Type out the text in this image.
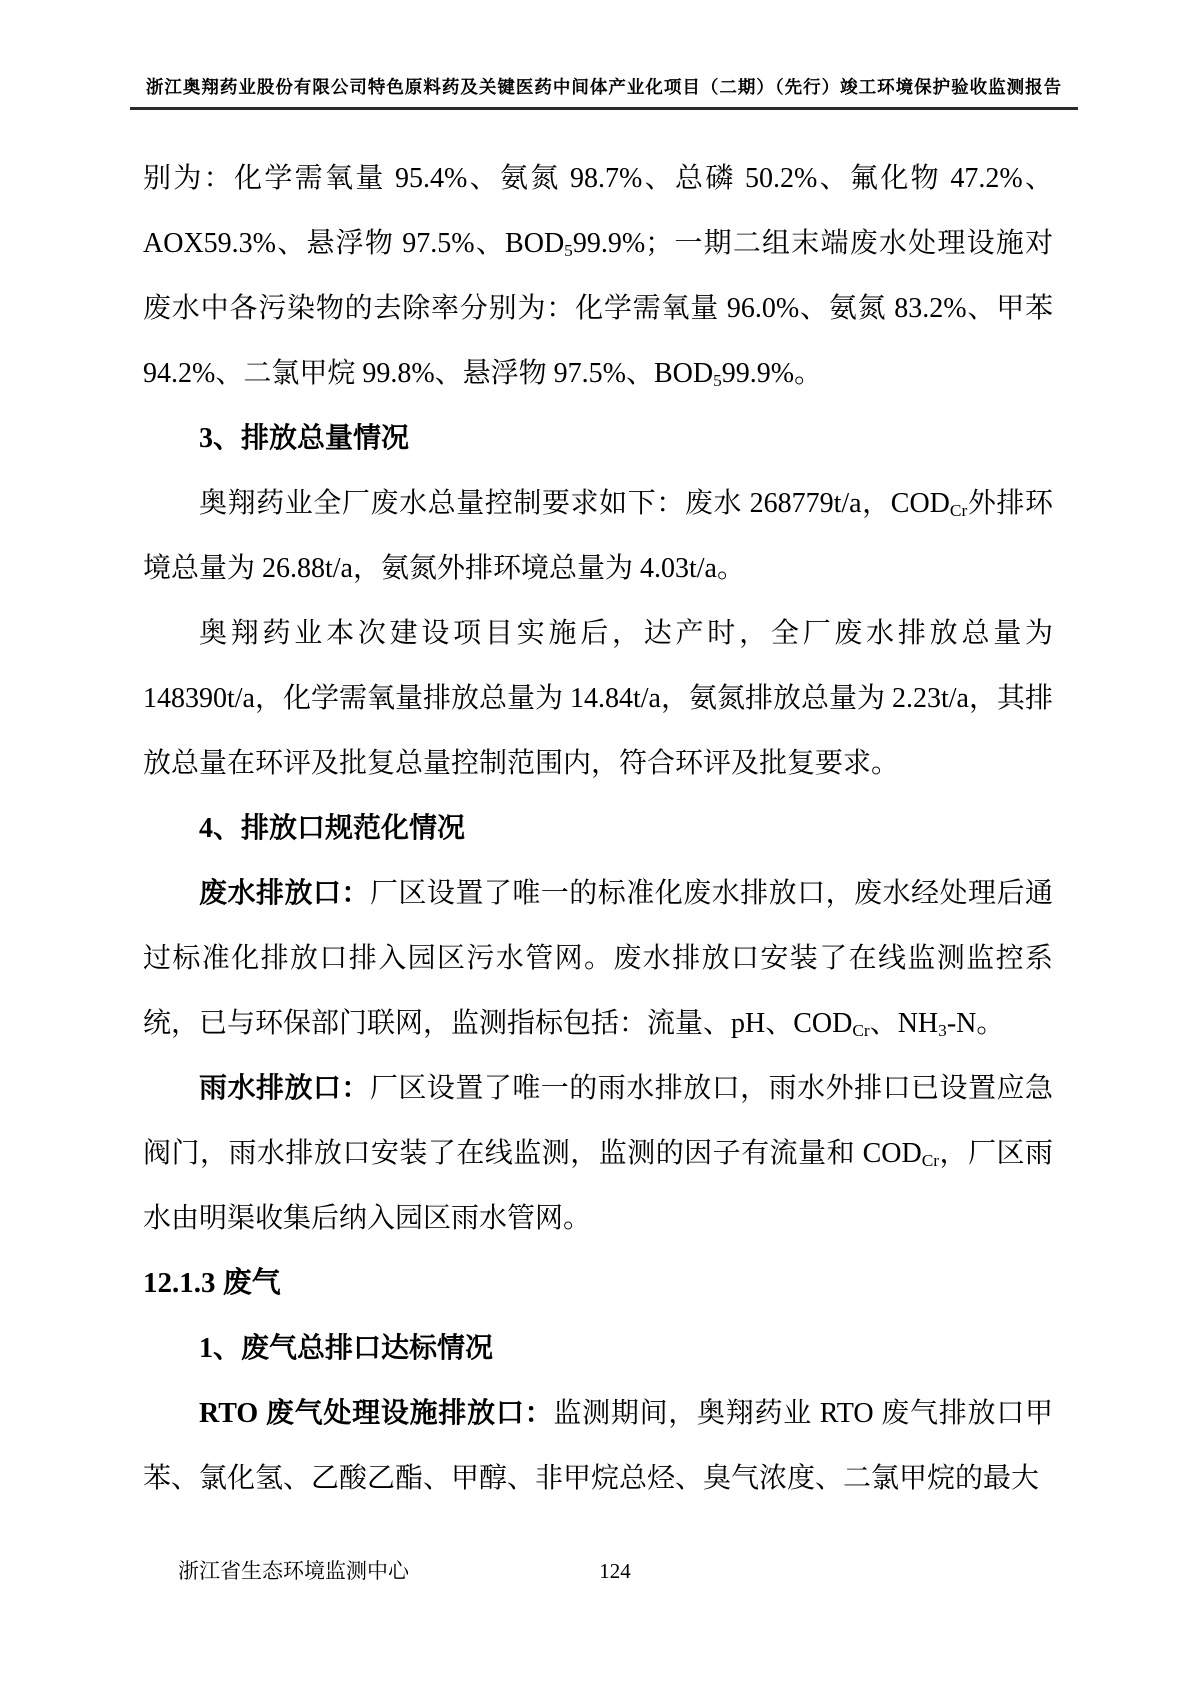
浙江奥翔药业股份有限公司特色原料药及关键医药中间体产业化项目（二期）（先行）竣工环境保护验收监测报告

别为：化学需氧量 95.4%、氨氮 98.7%、总磷 50.2%、氟化物 47.2%、AOX59.3%、悬浮物 97.5%、$BOD_599.9\%$；一期二组末端废水处理设施对废水中各污染物的去除率分别为：化学需氧量 96.0%、氨氮 83.2%、甲苯 94.2%、二氯甲烷 99.8%、悬浮物 97.5%、$BOD_599.9\%$。

3、排放总量情况

奥翔药业全厂废水总量控制要求如下：废水 268779t/a，$COD_{Cr}$外排环境总量为 26.88t/a，氨氮外排环境总量为 4.03t/a。

奥翔药业本次建设项目实施后，达产时，全厂废水排放总量为 148390t/a，化学需氧量排放总量为 14.84t/a，氨氮排放总量为 2.23t/a，其排放总量在环评及批复总量控制范围内，符合环评及批复要求。

4、排放口规范化情况

废水排放口：厂区设置了唯一的标准化废水排放口，废水经处理后通过标准化排放口排入园区污水管网。废水排放口安装了在线监测监控系统，已与环保部门联网，监测指标包括：流量、pH、$COD_{Cr}$、$NH_3-N$。

雨水排放口：厂区设置了唯一的雨水排放口，雨水外排口已设置应急阀门，雨水排放口安装了在线监测，监测的因子有流量和 $COD_{Cr}$，厂区雨水由明渠收集后纳入园区雨水管网。

12.1.3 废气

1、废气总排口达标情况

RTO 废气处理设施排放口：监测期间，奥翔药业 RTO 废气排放口甲苯、氯化氢、乙酸乙酯、甲醇、非甲烷总烃、臭气浓度、二氯甲烷的最大

124
浙江省生态环境监测中心
